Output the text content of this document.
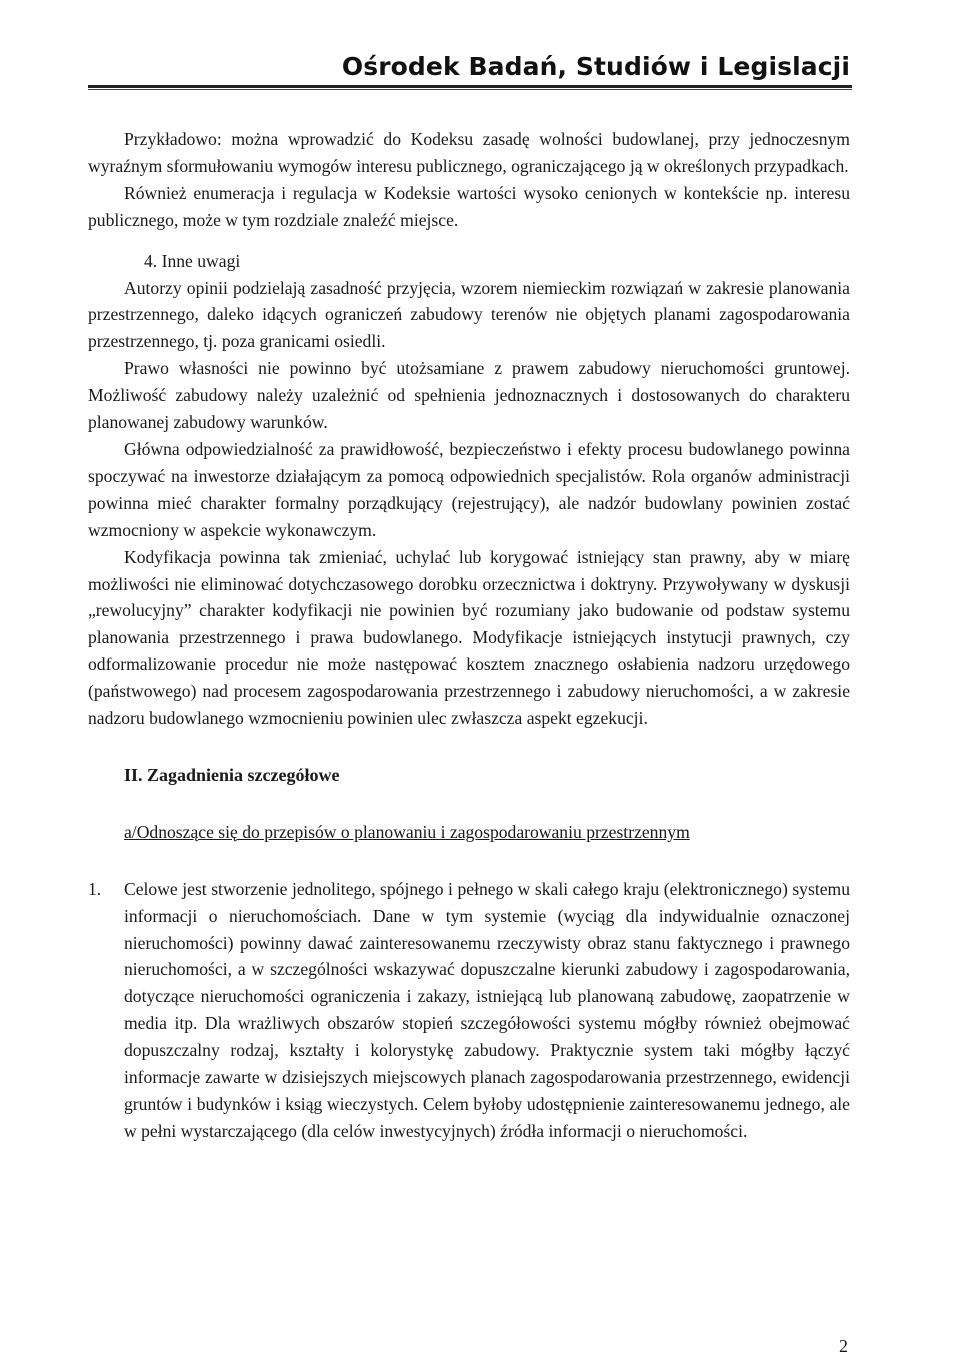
Ośrodek Badań, Studiów i Legislacji

Przykładowo: można wprowadzić do Kodeksu zasadę wolności budowlanej, przy jednoczesnym wyraźnym sformułowaniu wymogów interesu publicznego, ograniczającego ją w określonych przypadkach.

Również enumeracja i regulacja w Kodeksie wartości wysoko cenionych w kontekście np. interesu publicznego, może w tym rozdziale znaleźć miejsce.

4. Inne uwagi

Autorzy opinii podzielają zasadność przyjęcia, wzorem niemieckim rozwiązań w zakresie planowania przestrzennego, daleko idących ograniczeń zabudowy terenów nie objętych planami zagospodarowania przestrzennego, tj. poza granicami osiedli.

Prawo własności nie powinno być utożsamiane z prawem zabudowy nieruchomości gruntowej. Możliwość zabudowy należy uzależnić od spełnienia jednoznacznych i dostosowanych do charakteru planowanej zabudowy warunków.

Główna odpowiedzialność za prawidłowość, bezpieczeństwo i efekty procesu budowlanego powinna spoczywać na inwestorze działającym za pomocą odpowiednich specjalistów. Rola organów administracji powinna mieć charakter formalny porządkujący (rejestrujący), ale nadzór budowlany powinien zostać wzmocniony w aspekcie wykonawczym.

Kodyfikacja powinna tak zmieniać, uchylać lub korygować istniejący stan prawny, aby w miarę możliwości nie eliminować dotychczasowego dorobku orzecznictwa i doktryny. Przywoływany w dyskusji „rewolucyjny” charakter kodyfikacji nie powinien być rozumiany jako budowanie od podstaw systemu planowania przestrzennego i prawa budowlanego. Modyfikacje istniejących instytucji prawnych, czy odformalizowanie procedur nie może następować kosztem znacznego osłabienia nadzoru urzędowego (państwowego) nad procesem zagospodarowania przestrzennego i zabudowy nieruchomości, a w zakresie nadzoru budowlanego wzmocnieniu powinien ulec zwłaszcza aspekt egzekucji.

II. Zagadnienia szczegółowe
a/Odnoszące się do przepisów o planowaniu i zagospodarowaniu przestrzennym
1.	Celowe jest stworzenie jednolitego, spójnego i pełnego w skali całego kraju (elektronicznego) systemu informacji o nieruchomościach. Dane w tym systemie (wyciąg dla indywidualnie oznaczonej nieruchomości) powinny dawać zainteresowanemu rzeczywisty obraz stanu faktycznego i prawnego nieruchomości, a w szczególności wskazywać dopuszczalne kierunki zabudowy i zagospodarowania, dotyczące nieruchomości ograniczenia i zakazy, istniejącą lub planowaną zabudowę, zaopatrzenie w media itp. Dla wrażliwych obszarów stopień szczegółowości systemu mógłby również obejmować dopuszczalny rodzaj, kształty i kolorystykę zabudowy. Praktycznie system taki mógłby łączyć informacje zawarte w dzisiejszych miejscowych planach zagospodarowania przestrzennego, ewidencji gruntów i budynków i ksiąg wieczystych. Celem byłoby udostępnienie zainteresowanemu jednego, ale w pełni wystarczającego (dla celów inwestycyjnych) źródła informacji o nieruchomości.
2
